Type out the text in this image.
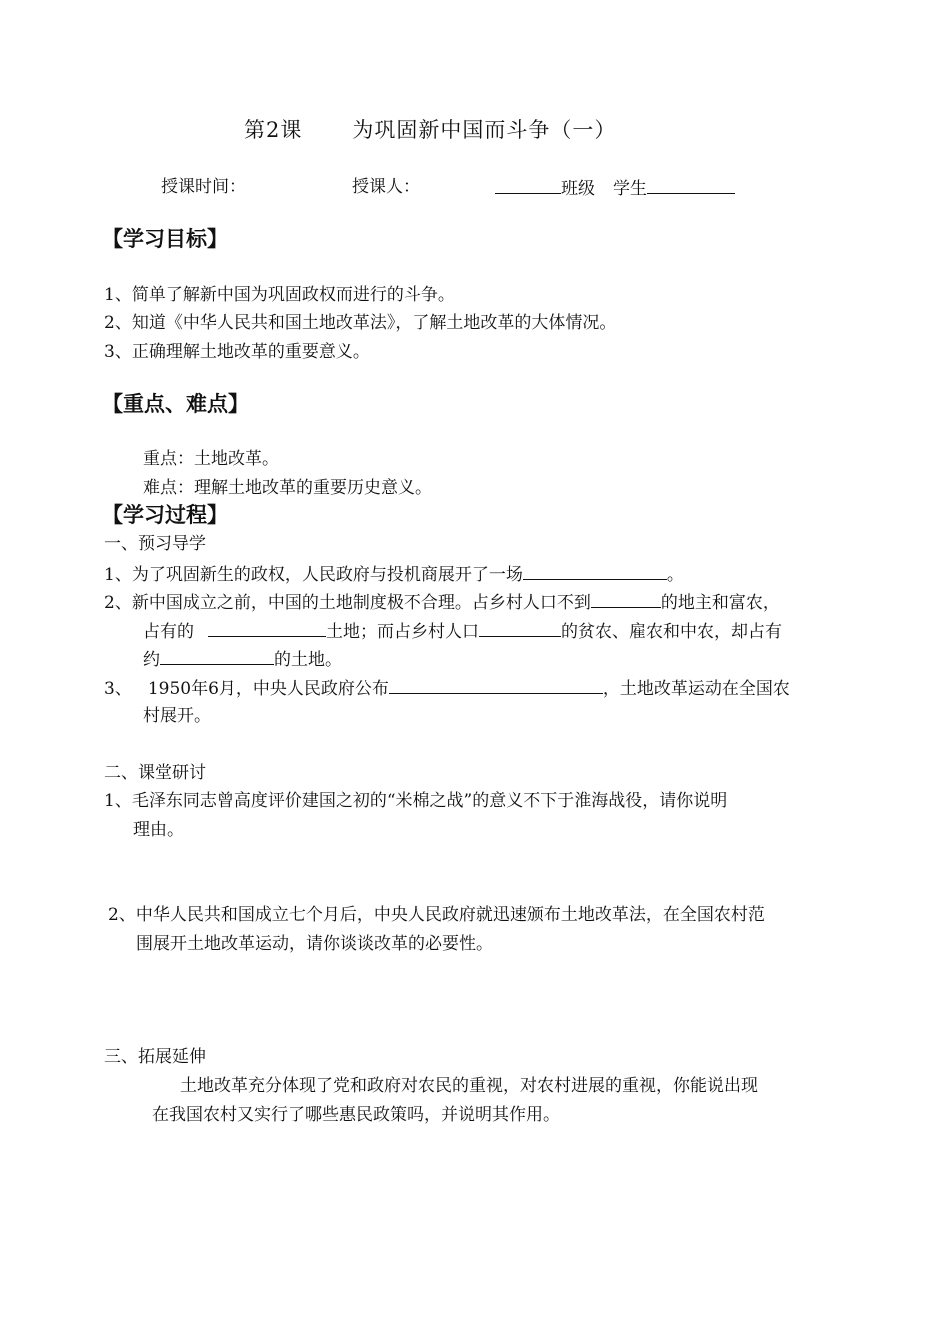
第2课 为巩固新中国而斗争（一）
授课时间：	授课人：	班级 学生
【学习目标】
1、简单了解新中国为巩固政权而进行的斗争。
2、知道《中华人民共和国土地改革法》，了解土地改革的大体情况。
3、正确理解土地改革的重要意义。
【重点、难点】
重点：土地改革。
难点：理解土地改革的重要历史意义。
【学习过程】
一、预习导学
1、为了巩固新生的政权，人民政府与投机商展开了一场	。
2、新中国成立之前，中国的土地制度极不合理。占乡村人口不到	的地主和富农，
占有的	土地；而占乡村人口	的贫农、雇农和中农，却占有
约	的土地。
3、 1950年6月，中央人民政府公布	，土地改革运动在全国农
村展开。
二、课堂研讨
1、毛泽东同志曾高度评价建国之初的“米棉之战”的意义不下于淮海战役，请你说明
理由。
2、中华人民共和国成立七个月后，中央人民政府就迅速颁布土地改革法，在全国农村范
围展开土地改革运动，请你谈谈改革的必要性。
三、拓展延伸
土地改革充分体现了党和政府对农民的重视，对农村进展的重视，你能说出现
在我国农村又实行了哪些惠民政策吗，并说明其作用。
